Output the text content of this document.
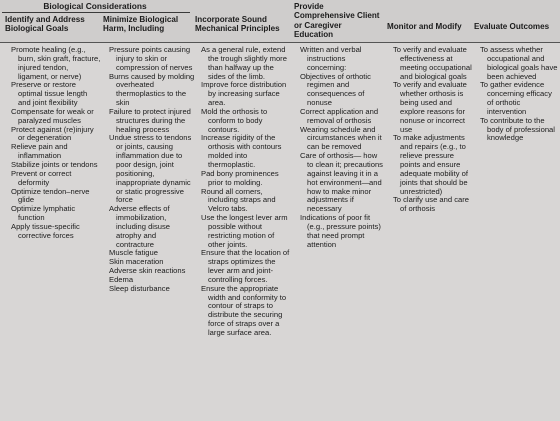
Biological Considerations
Identify and Address Biological Goals
Minimize Biological Harm, Including
Incorporate Sound Mechanical Principles
Provide Comprehensive Client or Caregiver Education
Monitor and Modify	Evaluate Outcomes
Promote healing (e.g., burn, skin graft, fracture, injured tendon, ligament, or nerve)
Preserve or restore optimal tissue length and joint flexibility
Compensate for weak or paralyzed muscles
Protect against (re)injury or degeneration
Relieve pain and inflammation
Stabilize joints or tendons
Prevent or correct deformity
Optimize tendon–nerve glide
Optimize lymphatic function
Apply tissue-specific corrective forces
Pressure points causing injury to skin or compression of nerves
Burns caused by molding overheated thermoplastics to the skin
Failure to protect injured structures during the healing process
Undue stress to tendons or joints, causing inflammation due to poor design, joint positioning, inappropriate dynamic or static progressive force
Adverse effects of immobilization, including disuse atrophy and contracture
Muscle fatigue
Skin maceration
Adverse skin reactions
Edema
Sleep disturbance
As a general rule, extend the trough slightly more than halfway up the sides of the limb.
Improve force distribution by increasing surface area.
Mold the orthosis to conform to body contours.
Increase rigidity of the orthosis with contours molded into thermoplastic.
Pad bony prominences prior to molding.
Round all corners, including straps and Velcro tabs.
Use the longest lever arm possible without restricting motion of other joints.
Ensure that the location of straps optimizes the lever arm and joint-controlling forces.
Ensure the appropriate width and conformity to contour of straps to distribute the securing force of straps over a large surface area.
Written and verbal instructions concerning:
Objectives of orthotic regimen and consequences of nonuse
Correct application and removal of orthosis
Wearing schedule and circumstances when it can be removed
Care of orthosis— how to clean it; precautions against leaving it in a hot environment—and how to make minor adjustments if necessary
Indications of poor fit (e.g., pressure points) that need prompt attention
To verify and evaluate effectiveness at meeting occupational and biological goals
To verify and evaluate whether orthosis is being used and explore reasons for nonuse or incorrect use
To make adjustments and repairs (e.g., to relieve pressure points and ensure adequate mobility of joints that should be unrestricted)
To clarify use and care of orthosis
To assess whether occupational and biological goals have been achieved
To gather evidence concerning efficacy of orthotic intervention
To contribute to the body of professional knowledge
